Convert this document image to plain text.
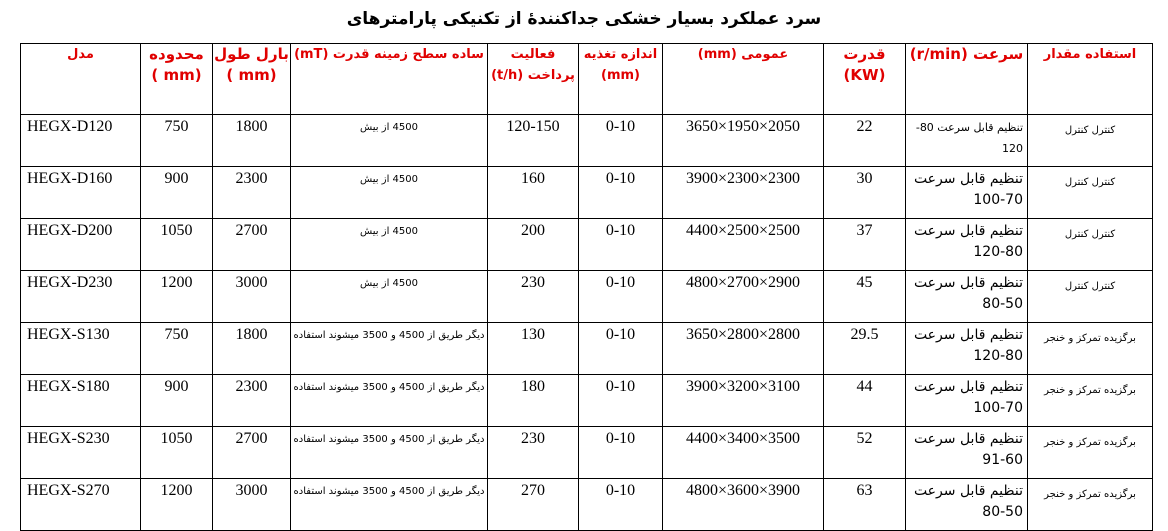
سرد عملکرد بسیار خشکی جداکنندۀ از تکنیکی پارامترهای
مدل	محدوده (mm )	بارل طول (mm )	ساده سطح زمینه قدرت (mT)	فعالیت پرداخت (t/h)	اندازه تغذیه (mm)	عمومی (mm)	قدرت (KW)	سرعت (r/min)	استفاده مقدار
HEGX-D120	750	1800	4500 از بیش	120-150	0-10	3650×1950×2050	22	تنظیم قابل سرعت 80-120	کنترل کنترل
HEGX-D160	900	2300	4500 از بیش	160	0-10	3900×2300×2300	30	تنظیم قابل سرعت 70-100	کنترل کنترل
HEGX-D200	1050	2700	4500 از بیش	200	0-10	4400×2500×2500	37	تنظیم قابل سرعت 80-120	کنترل کنترل
HEGX-D230	1200	3000	4500 از بیش	230	0-10	4800×2700×2900	45	تنظیم قابل سرعت 50-80	کنترل کنترل
HEGX-S130	750	1800	دیگر طریق از 4500 و 3500 میشوند استفاده	130	0-10	3650×2800×2800	29.5	تنظیم قابل سرعت 80-120	برگزیده تمرکز و خنجر
HEGX-S180	900	2300	دیگر طریق از 4500 و 3500 میشوند استفاده	180	0-10	3900×3200×3100	44	تنظیم قابل سرعت 70-100	برگزیده تمرکز و خنجر
HEGX-S230	1050	2700	دیگر طریق از 4500 و 3500 میشوند استفاده	230	0-10	4400×3400×3500	52	تنظیم قابل سرعت 60-91	برگزیده تمرکز و خنجر
HEGX-S270	1200	3000	دیگر طریق از 4500 و 3500 میشوند استفاده	270	0-10	4800×3600×3900	63	تنظیم قابل سرعت 50-80	برگزیده تمرکز و خنجر
